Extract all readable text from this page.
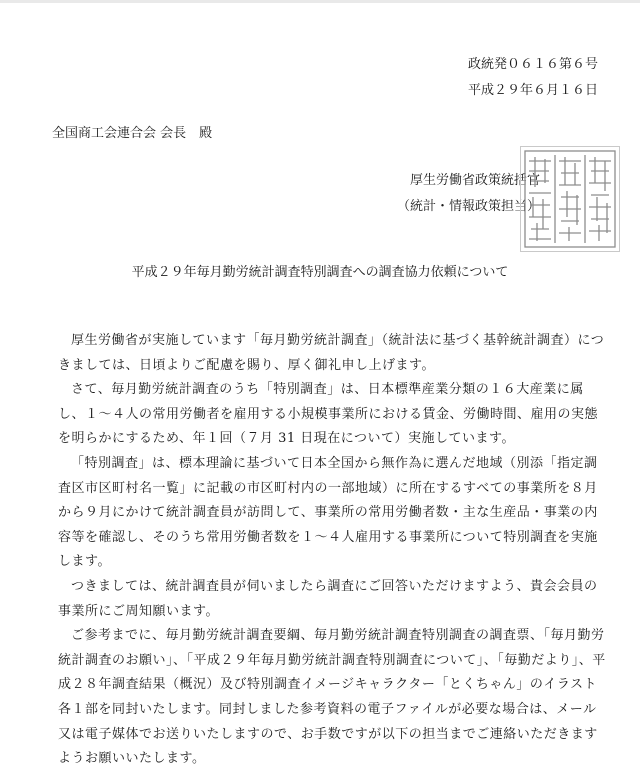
政統発０６１６第６号
平成２９年６月１６日
全国商工会連合会 会長　殿
厚生労働省政策統括官
（統計・情報政策担当）
平成２９年毎月勤労統計調査特別調査への調査協力依頼について

厚生労働省が実施しています「毎月勤労統計調査」（統計法に基づく基幹統計調査）につきましては、日頃よりご配慮を賜り、厚く御礼申し上げます。

さて、毎月勤労統計調査のうち「特別調査」は、日本標準産業分類の１６大産業に属し、１～４人の常用労働者を雇用する小規模事業所における賃金、労働時間、雇用の実態を明らかにするため、年１回（７月 31 日現在について）実施しています。

「特別調査」は、標本理論に基づいて日本全国から無作為に選んだ地域（別添「指定調査区市区町村名一覧」に記載の市区町村内の一部地域）に所在するすべての事業所を８月から９月にかけて統計調査員が訪問して、事業所の常用労働者数・主な生産品・事業の内容等を確認し、そのうち常用労働者数を１～４人雇用する事業所について特別調査を実施します。

つきましては、統計調査員が伺いましたら調査にご回答いただけますよう、貴会会員の事業所にご周知願います。

ご参考までに、毎月勤労統計調査要綱、毎月勤労統計調査特別調査の調査票、「毎月勤労統計調査のお願い」、「平成２９年毎月勤労統計調査特別調査について」、「毎勤だより」、平成２８年調査結果（概況）及び特別調査イメージキャラクター「とくちゃん」のイラスト各１部を同封いたします。同封しました参考資料の電子ファイルが必要な場合は、メール又は電子媒体でお送りいたしますので、お手数ですが以下の担当までご連絡いただきますようお願いいたします。
